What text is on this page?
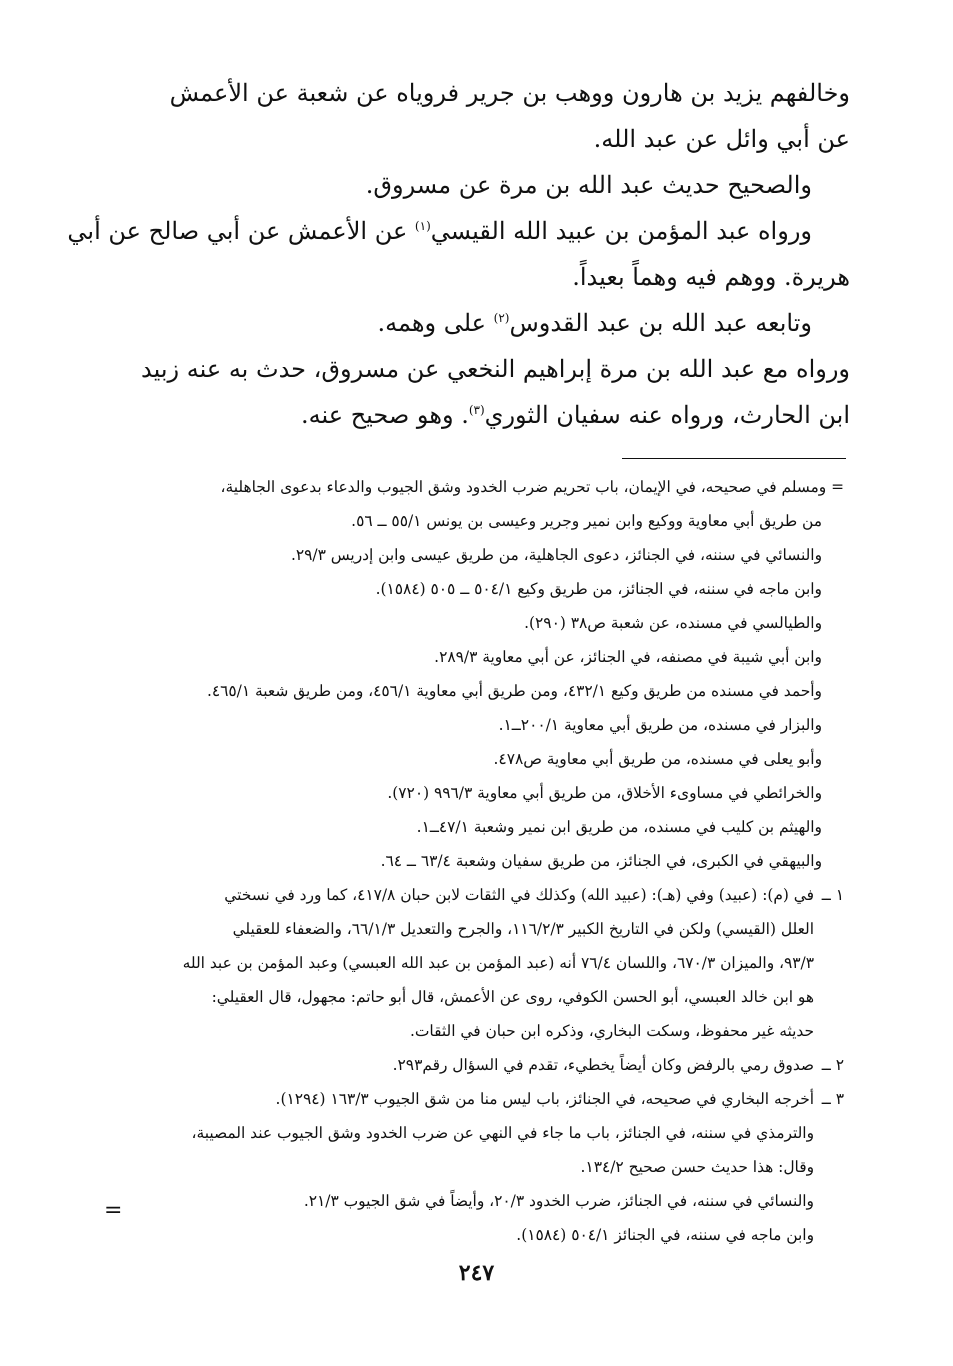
وخالفهم يزيد بن هارون ووهب بن جرير فروياه عن شعبة عن الأعمش
عن أبي وائل عن عبد الله.
والصحيح حديث عبد الله بن مرة عن مسروق.
ورواه عبد المؤمن بن عبيد الله القيسي$^{(١)}$ عن الأعمش عن أبي صالح عن أبي
هريرة. ووهم فيه وهماً بعيداً.
وتابعه عبد الله بن عبد القدوس$^{(٢)}$ على وهمه.
ورواه مع عبد الله بن مرة إبراهيم النخعي عن مسروق، حدث به عنه زبيد
ابن الحارث، ورواه عنه سفيان الثوري$^{(٣)}$. وهو صحيح عنه.
= ومسلم في صحيحه، في الإيمان، باب تحريم ضرب الخدود وشق الجيوب والدعاء بدعوى الجاهلية،
من طريق أبي معاوية ووكيع وابن نمير وجرير وعيسى بن يونس ٥٥/١ ــ ٥٦.
والنسائي في سننه، في الجنائز، دعوى الجاهلية، من طريق عيسى وابن إدريس ٢٩/٣.
وابن ماجه في سننه، في الجنائز، من طريق وكيع ٥٠٤/١ ــ ٥٠٥ (١٥٨٤).
والطيالسي في مسنده، عن شعبة ص٣٨ (٢٩٠).
وابن أبي شيبة في مصنفه، في الجنائز، عن أبي معاوية ٢٨٩/٣.
وأحمد في مسنده من طريق وكيع ٤٣٢/١، ومن طريق أبي معاوية ٤٥٦/١، ومن طريق شعبة ٤٦٥/١.
والبزار في مسنده، من طريق أبي معاوية ٢٠٠/١ــ١.
وأبو يعلى في مسنده، من طريق أبي معاوية ص٤٧٨.
والخرائطي في مساوىء الأخلاق، من طريق أبي معاوية ٩٩٦/٣ (٧٢٠).
والهيثم بن كليب في مسنده، من طريق ابن نمير وشعبة ٤٧/١ــ١.
والبيهقي في الكبرى، في الجنائز، من طريق سفيان وشعبة ٦٣/٤ ــ ٦٤.
١ ــفي (م): (عبيد) وفي (هـ): (عبيد الله) وكذلك في الثقات لابن حبان ٤١٧/٨، كما ورد في نسختي
العلل (القيسي) ولكن في التاريخ الكبير ١١٦/٢/٣، والجرح والتعديل ٦٦/١/٣، والضعفاء للعقيلي
٩٣/٣، والميزان ٦٧٠/٣، واللسان ٧٦/٤ أنه (عبد المؤمن بن عبد الله العبسي) وعبد المؤمن بن عبد الله
هو ابن خالد العبسي، أبو الحسن الكوفي، روى عن الأعمش، قال أبو حاتم: مجهول، قال العقيلي:
حديثه غير محفوظ، وسكت البخاري، وذكره ابن حبان في الثقات.
٢ ــصدوق رمي بالرفض وكان أيضاً يخطيء، تقدم في السؤال رقم٢٩٣.
٣ ــأخرجه البخاري في صحيحه، في الجنائز، باب ليس منا من شق الجيوب ١٦٣/٣ (١٢٩٤).
والترمذي في سننه، في الجنائز، باب ما جاء في النهي عن ضرب الخدود وشق الجيوب عند المصيبة،
وقال: هذا حديث حسن صحيح ١٣٤/٢.
والنسائي في سننه، في الجنائز، ضرب الخدود ٢٠/٣، وأيضاً في شق الجيوب ٢١/٣.
وابن ماجه في سننه، في الجنائز ٥٠٤/١ (١٥٨٤).
=
٢٤٧
